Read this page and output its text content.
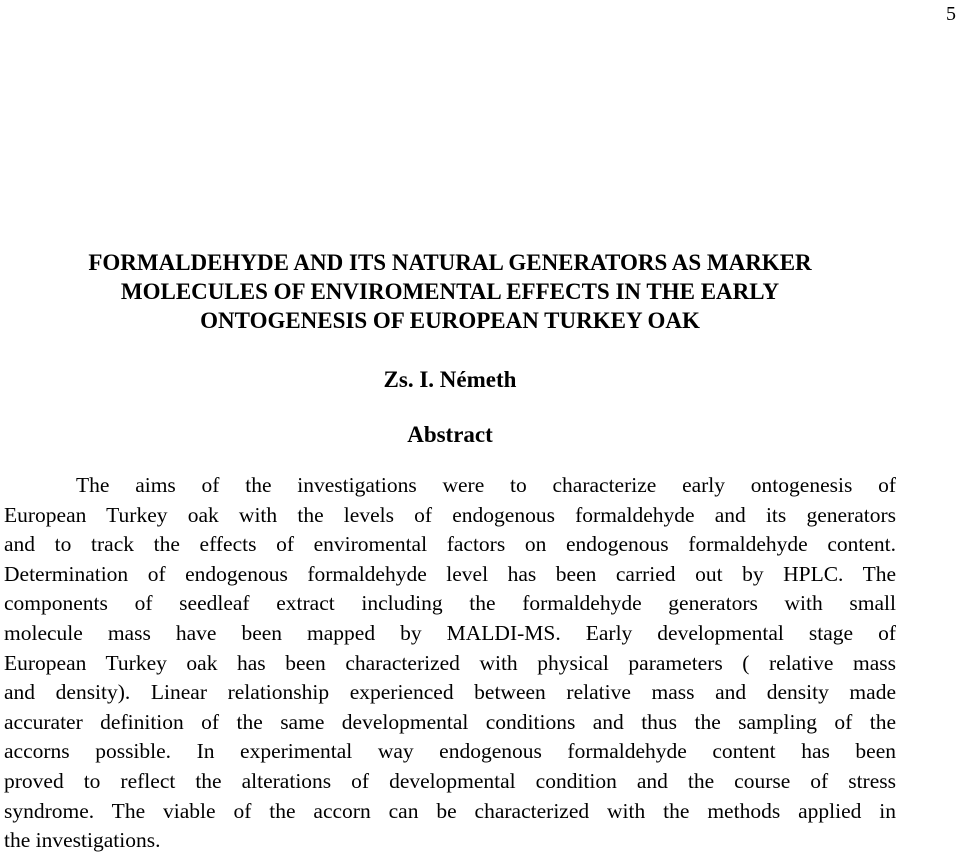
5
FORMALDEHYDE AND ITS NATURAL GENERATORS AS MARKER
MOLECULES OF ENVIROMENTAL EFFECTS IN THE EARLY
ONTOGENESIS OF EUROPEAN TURKEY OAK
Zs. I. Németh
Abstract
The aims of the investigations were to characterize early ontogenesis of
European Turkey oak with the levels of endogenous formaldehyde and its generators
and to track the effects of enviromental factors on endogenous formaldehyde content.
Determination of endogenous formaldehyde level has been carried out by HPLC. The
components of seedleaf extract including the formaldehyde generators with small
molecule mass have been mapped by MALDI-MS. Early developmental stage of
European Turkey oak has been characterized with physical parameters ( relative mass
and density). Linear relationship experienced between relative mass and density made
accurater definition of the same developmental conditions and thus the sampling of the
accorns possible. In experimental way endogenous formaldehyde content has been
proved to reflect the alterations of developmental condition and the course of stress
syndrome. The viable of the accorn can be characterized with the methods applied in
the investigations.
